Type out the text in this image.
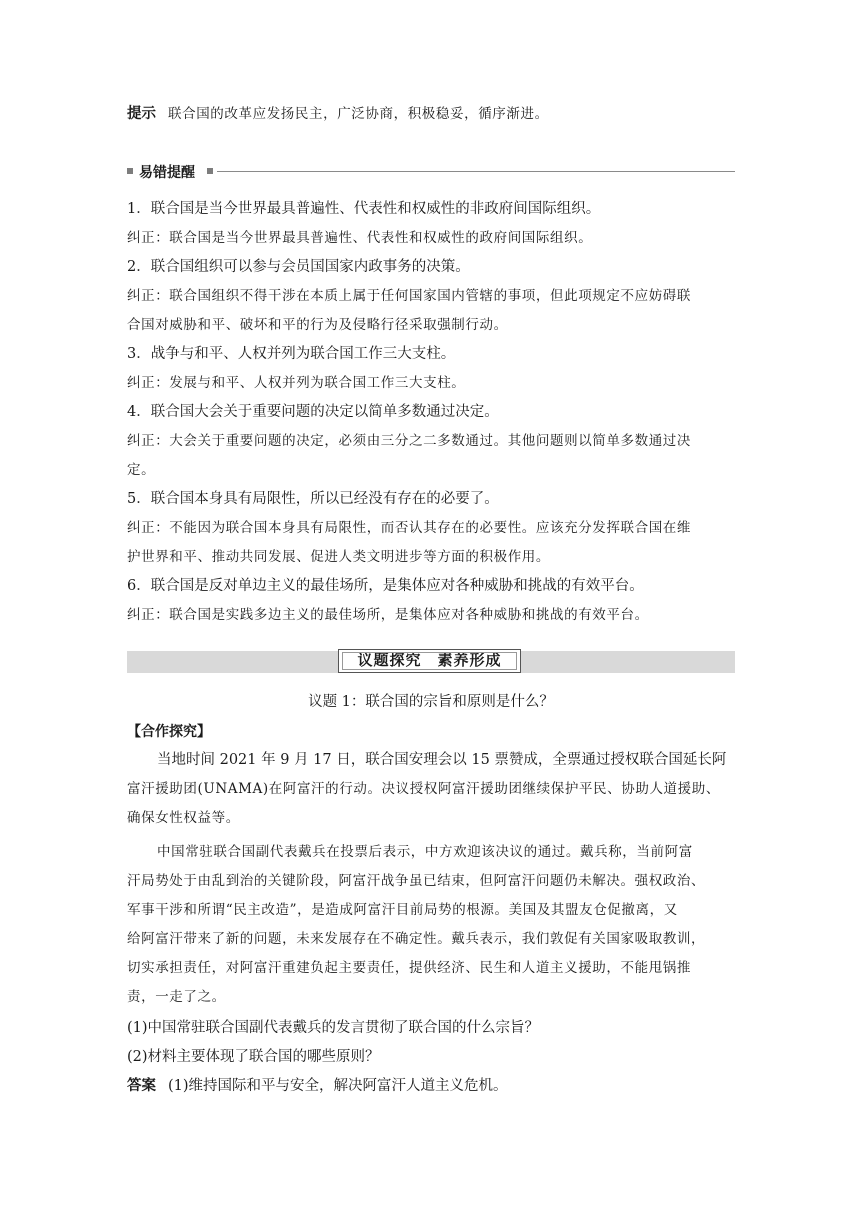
提示 联合国的改革应发扬民主，广泛协商，积极稳妥，循序渐进。
易错提醒
1．联合国是当今世界最具普遍性、代表性和权威性的非政府间国际组织。
纠正：联合国是当今世界最具普遍性、代表性和权威性的政府间国际组织。
2．联合国组织可以参与会员国国家内政事务的决策。
纠正：联合国组织不得干涉在本质上属于任何国家国内管辖的事项，但此项规定不应妨碍联
合国对威胁和平、破坏和平的行为及侵略行径采取强制行动。
3．战争与和平、人权并列为联合国工作三大支柱。
纠正：发展与和平、人权并列为联合国工作三大支柱。
4．联合国大会关于重要问题的决定以简单多数通过决定。
纠正：大会关于重要问题的决定，必须由三分之二多数通过。其他问题则以简单多数通过决
定。
5．联合国本身具有局限性，所以已经没有存在的必要了。
纠正：不能因为联合国本身具有局限性，而否认其存在的必要性。应该充分发挥联合国在维
护世界和平、推动共同发展、促进人类文明进步等方面的积极作用。
6．联合国是反对单边主义的最佳场所，是集体应对各种威胁和挑战的有效平台。
纠正：联合国是实践多边主义的最佳场所，是集体应对各种威胁和挑战的有效平台。
议题探究　素养形成
议题 1：联合国的宗旨和原则是什么？
【合作探究】
当地时间 2021 年 9 月 17 日，联合国安理会以 15 票赞成，全票通过授权联合国延长阿
富汗援助团(UNAMA)在阿富汗的行动。决议授权阿富汗援助团继续保护平民、协助人道援助、
确保女性权益等。
中国常驻联合国副代表戴兵在投票后表示，中方欢迎该决议的通过。戴兵称，当前阿富
汗局势处于由乱到治的关键阶段，阿富汗战争虽已结束，但阿富汗问题仍未解决。强权政治、
军事干涉和所谓“民主改造”，是造成阿富汗目前局势的根源。美国及其盟友仓促撤离，又
给阿富汗带来了新的问题，未来发展存在不确定性。戴兵表示，我们敦促有关国家吸取教训，
切实承担责任，对阿富汗重建负起主要责任，提供经济、民生和人道主义援助，不能甩锅推
责，一走了之。
(1)中国常驻联合国副代表戴兵的发言贯彻了联合国的什么宗旨？
(2)材料主要体现了联合国的哪些原则？
答案 (1)维持国际和平与安全，解决阿富汗人道主义危机。
